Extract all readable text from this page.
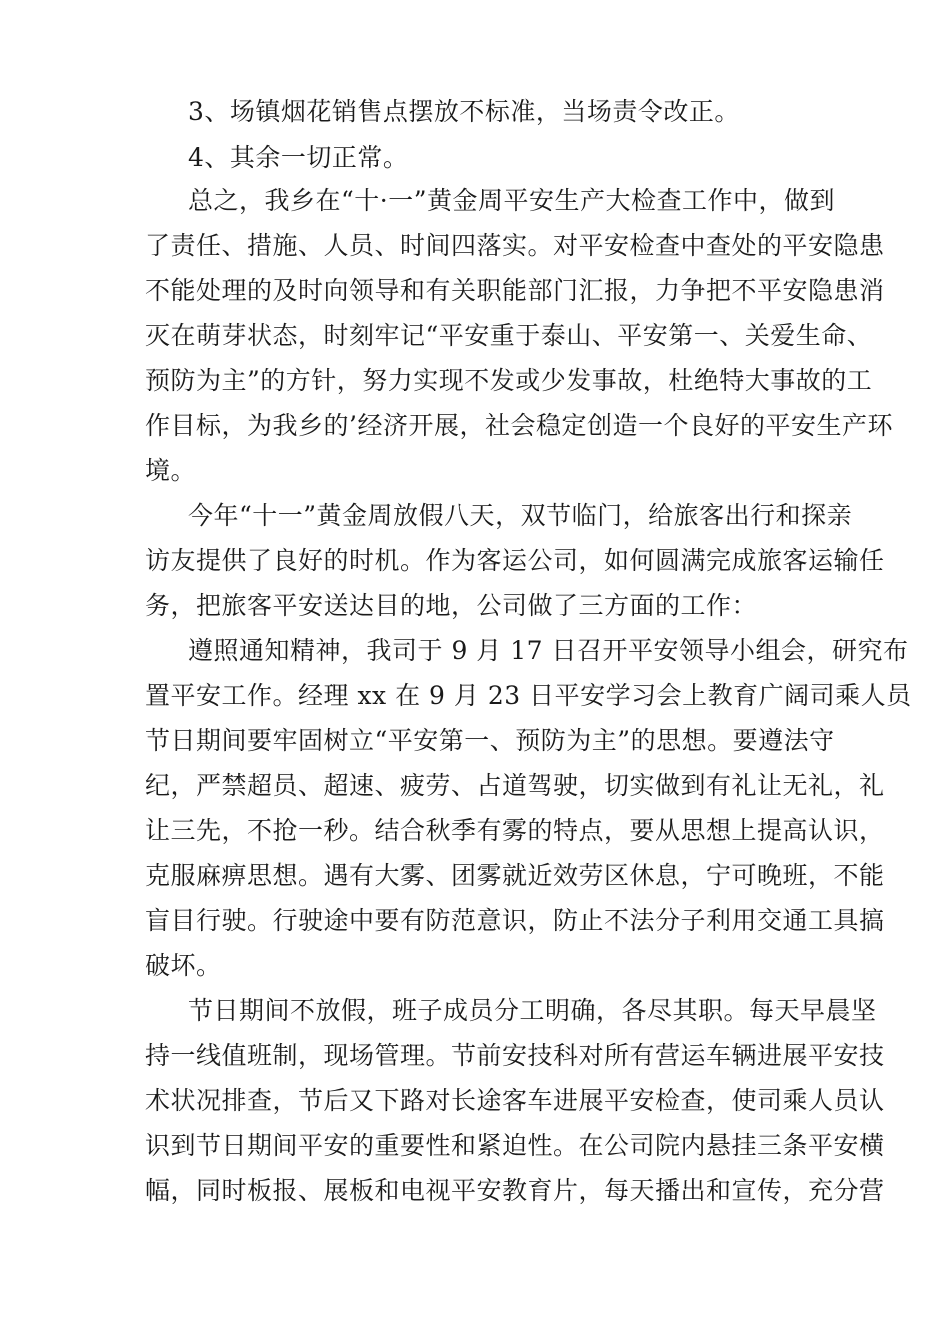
3、场镇烟花销售点摆放不标准，当场责令改正。
4、其余一切正常。
总之，我乡在“十·一”黄金周平安生产大检查工作中，做到
了责任、措施、人员、时间四落实。对平安检查中查处的平安隐患
不能处理的及时向领导和有关职能部门汇报，力争把不平安隐患消
灭在萌芽状态，时刻牢记“平安重于泰山、平安第一、关爱生命、
预防为主”的方针，努力实现不发或少发事故，杜绝特大事故的工
作目标，为我乡的’经济开展，社会稳定创造一个良好的平安生产环
境。
今年“十一”黄金周放假八天，双节临门，给旅客出行和探亲
访友提供了良好的时机。作为客运公司，如何圆满完成旅客运输任
务，把旅客平安送达目的地，公司做了三方面的工作：
遵照通知精神，我司于 9 月 17 日召开平安领导小组会，研究布
置平安工作。经理 xx 在 9 月 23 日平安学习会上教育广阔司乘人员
节日期间要牢固树立“平安第一、预防为主”的思想。要遵法守
纪，严禁超员、超速、疲劳、占道驾驶，切实做到有礼让无礼，礼
让三先，不抢一秒。结合秋季有雾的特点，要从思想上提高认识，
克服麻痹思想。遇有大雾、团雾就近效劳区休息，宁可晚班，不能
盲目行驶。行驶途中要有防范意识，防止不法分子利用交通工具搞
破坏。
节日期间不放假，班子成员分工明确，各尽其职。每天早晨坚
持一线值班制，现场管理。节前安技科对所有营运车辆进展平安技
术状况排查，节后又下路对长途客车进展平安检查，使司乘人员认
识到节日期间平安的重要性和紧迫性。在公司院内悬挂三条平安横
幅，同时板报、展板和电视平安教育片，每天播出和宣传，充分营
